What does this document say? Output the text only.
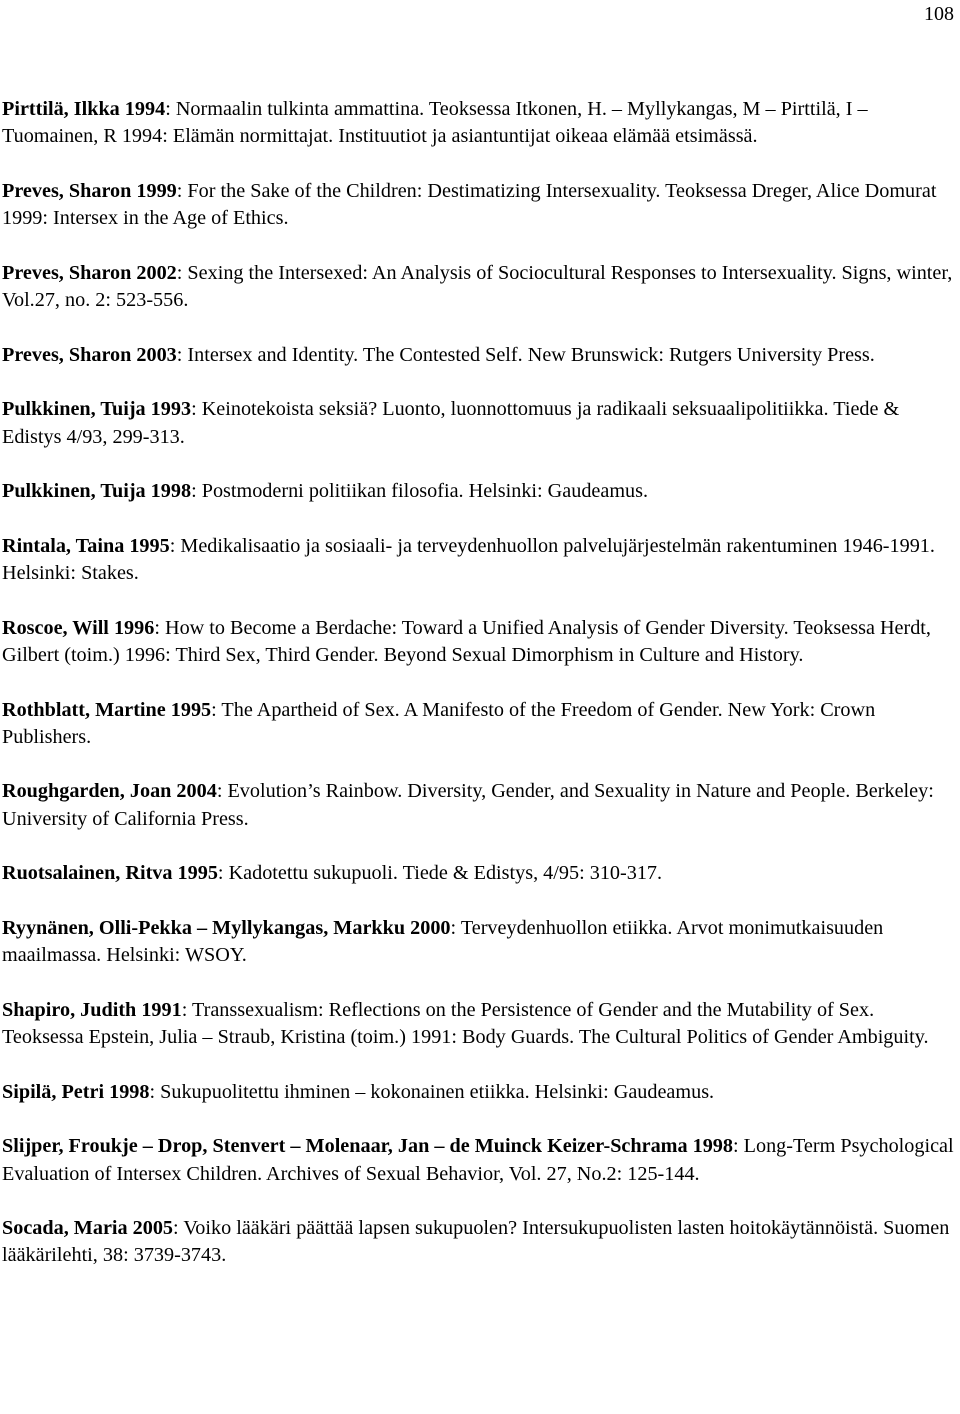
108

Pirttilä, Ilkka 1994: Normaalin tulkinta ammattina. Teoksessa Itkonen, H. – Myllykangas, M – Pirttilä, I – Tuomainen, R 1994: Elämän normittajat. Instituutiot ja asiantuntijat oikeaa elämää etsimässä.

Preves, Sharon 1999: For the Sake of the Children: Destimatizing Intersexuality. Teoksessa Dreger, Alice Domurat 1999: Intersex in the Age of Ethics.

Preves, Sharon 2002: Sexing the Intersexed: An Analysis of Sociocultural Responses to Intersexuality. Signs, winter, Vol.27, no. 2: 523-556.

Preves, Sharon 2003: Intersex and Identity. The Contested Self. New Brunswick: Rutgers University Press.

Pulkkinen, Tuija 1993: Keinotekoista seksiä? Luonto, luonnottomuus ja radikaali seksuaalipolitiikka. Tiede & Edistys 4/93, 299-313.

Pulkkinen, Tuija 1998: Postmoderni politiikan filosofia. Helsinki: Gaudeamus.

Rintala, Taina 1995: Medikalisaatio ja sosiaali- ja terveydenhuollon palvelujärjestelmän rakentuminen 1946-1991. Helsinki: Stakes.

Roscoe, Will 1996: How to Become a Berdache: Toward a Unified Analysis of Gender Diversity. Teoksessa Herdt, Gilbert (toim.) 1996: Third Sex, Third Gender. Beyond Sexual Dimorphism in Culture and History.

Rothblatt, Martine 1995: The Apartheid of Sex. A Manifesto of the Freedom of Gender. New York: Crown Publishers.

Roughgarden, Joan 2004: Evolution’s Rainbow. Diversity, Gender, and Sexuality in Nature and People. Berkeley: University of California Press.

Ruotsalainen, Ritva 1995: Kadotettu sukupuoli. Tiede & Edistys, 4/95: 310-317.

Ryynänen, Olli-Pekka – Myllykangas, Markku 2000: Terveydenhuollon etiikka. Arvot monimutkaisuuden maailmassa. Helsinki: WSOY.

Shapiro, Judith 1991: Transsexualism: Reflections on the Persistence of Gender and the Mutability of Sex. Teoksessa Epstein, Julia – Straub, Kristina (toim.) 1991: Body Guards. The Cultural Politics of Gender Ambiguity.

Sipilä, Petri 1998: Sukupuolitettu ihminen – kokonainen etiikka. Helsinki: Gaudeamus.

Slijper, Froukje – Drop, Stenvert – Molenaar, Jan – de Muinck Keizer-Schrama 1998: Long-Term Psychological Evaluation of Intersex Children. Archives of Sexual Behavior, Vol. 27, No.2: 125-144.

Socada, Maria 2005: Voiko lääkäri päättää lapsen sukupuolen? Intersukupuolisten lasten hoitokäytännöistä. Suomen lääkärilehti, 38: 3739-3743.
